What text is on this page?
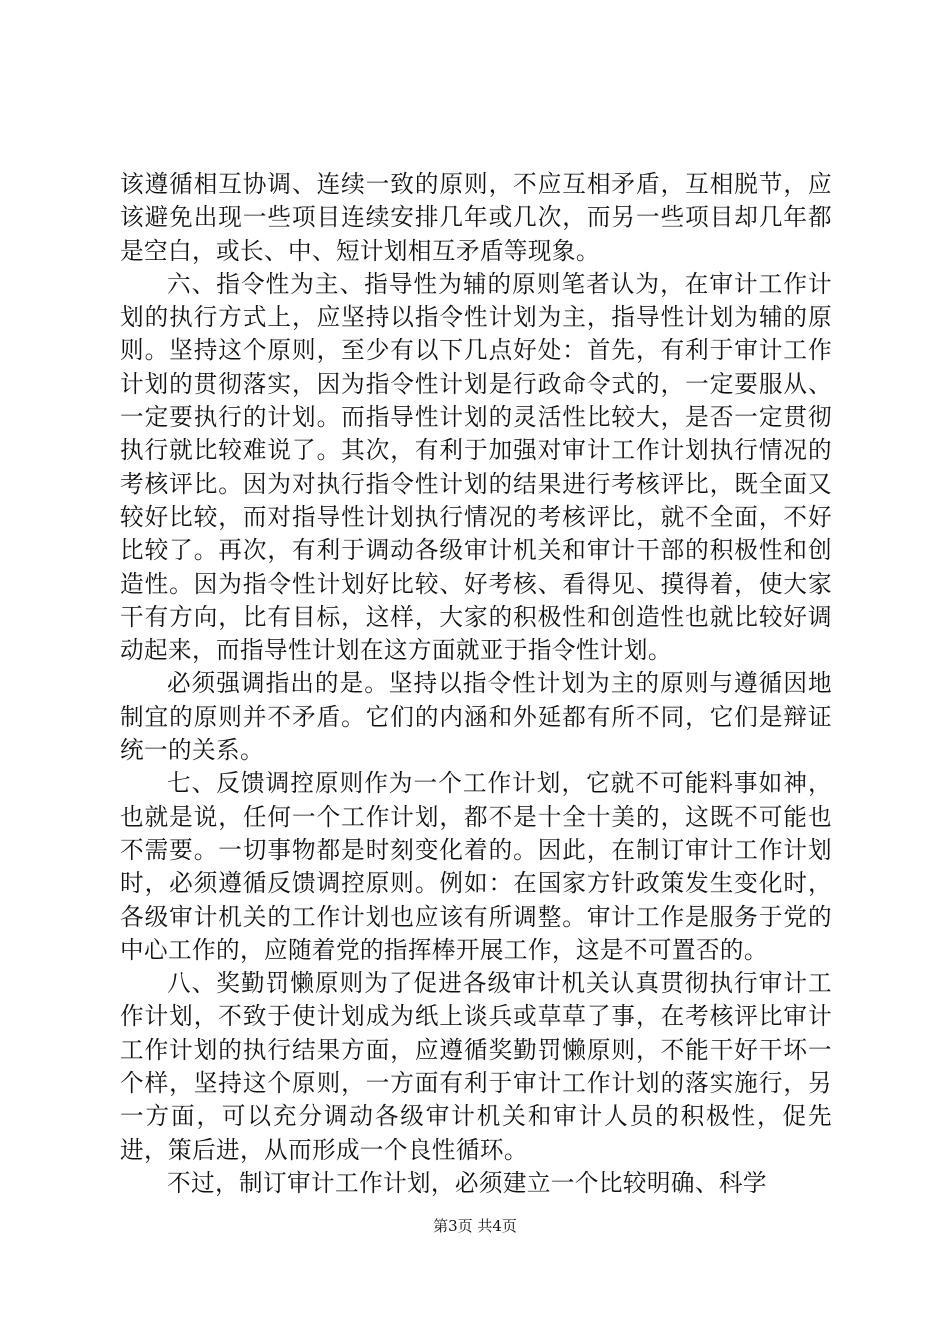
该遵循相互协调、连续一致的原则，不应互相矛盾，互相脱节，应该避免出现一些项目连续安排几年或几次，而另一些项目却几年都是空白，或长、中、短计划相互矛盾等现象。

六、指令性为主、指导性为辅的原则笔者认为，在审计工作计划的执行方式上，应坚持以指令性计划为主，指导性计划为辅的原则。坚持这个原则，至少有以下几点好处：首先，有利于审计工作计划的贯彻落实，因为指令性计划是行政命令式的，一定要服从、一定要执行的计划。而指导性计划的灵活性比较大，是否一定贯彻执行就比较难说了。其次，有利于加强对审计工作计划执行情况的考核评比。因为对执行指令性计划的结果进行考核评比，既全面又较好比较，而对指导性计划执行情况的考核评比，就不全面，不好比较了。再次，有利于调动各级审计机关和审计干部的积极性和创造性。因为指令性计划好比较、好考核、看得见、摸得着，使大家干有方向，比有目标，这样，大家的积极性和创造性也就比较好调动起来，而指导性计划在这方面就亚于指令性计划。

必须强调指出的是。坚持以指令性计划为主的原则与遵循因地制宜的原则并不矛盾。它们的内涵和外延都有所不同，它们是辩证统一的关系。

七、反馈调控原则作为一个工作计划，它就不可能料事如神，也就是说，任何一个工作计划，都不是十全十美的，这既不可能也不需要。一切事物都是时刻变化着的。因此，在制订审计工作计划时，必须遵循反馈调控原则。例如：在国家方针政策发生变化时，各级审计机关的工作计划也应该有所调整。审计工作是服务于党的中心工作的，应随着党的指挥棒开展工作，这是不可置否的。

八、奖勤罚懒原则为了促进各级审计机关认真贯彻执行审计工作计划，不致于使计划成为纸上谈兵或草草了事，在考核评比审计工作计划的执行结果方面，应遵循奖勤罚懒原则，不能干好干坏一个样，坚持这个原则，一方面有利于审计工作计划的落实施行，另一方面，可以充分调动各级审计机关和审计人员的积极性，促先进，策后进，从而形成一个良性循环。

不过，制订审计工作计划，必须建立一个比较明确、科学

第3页 共4页
